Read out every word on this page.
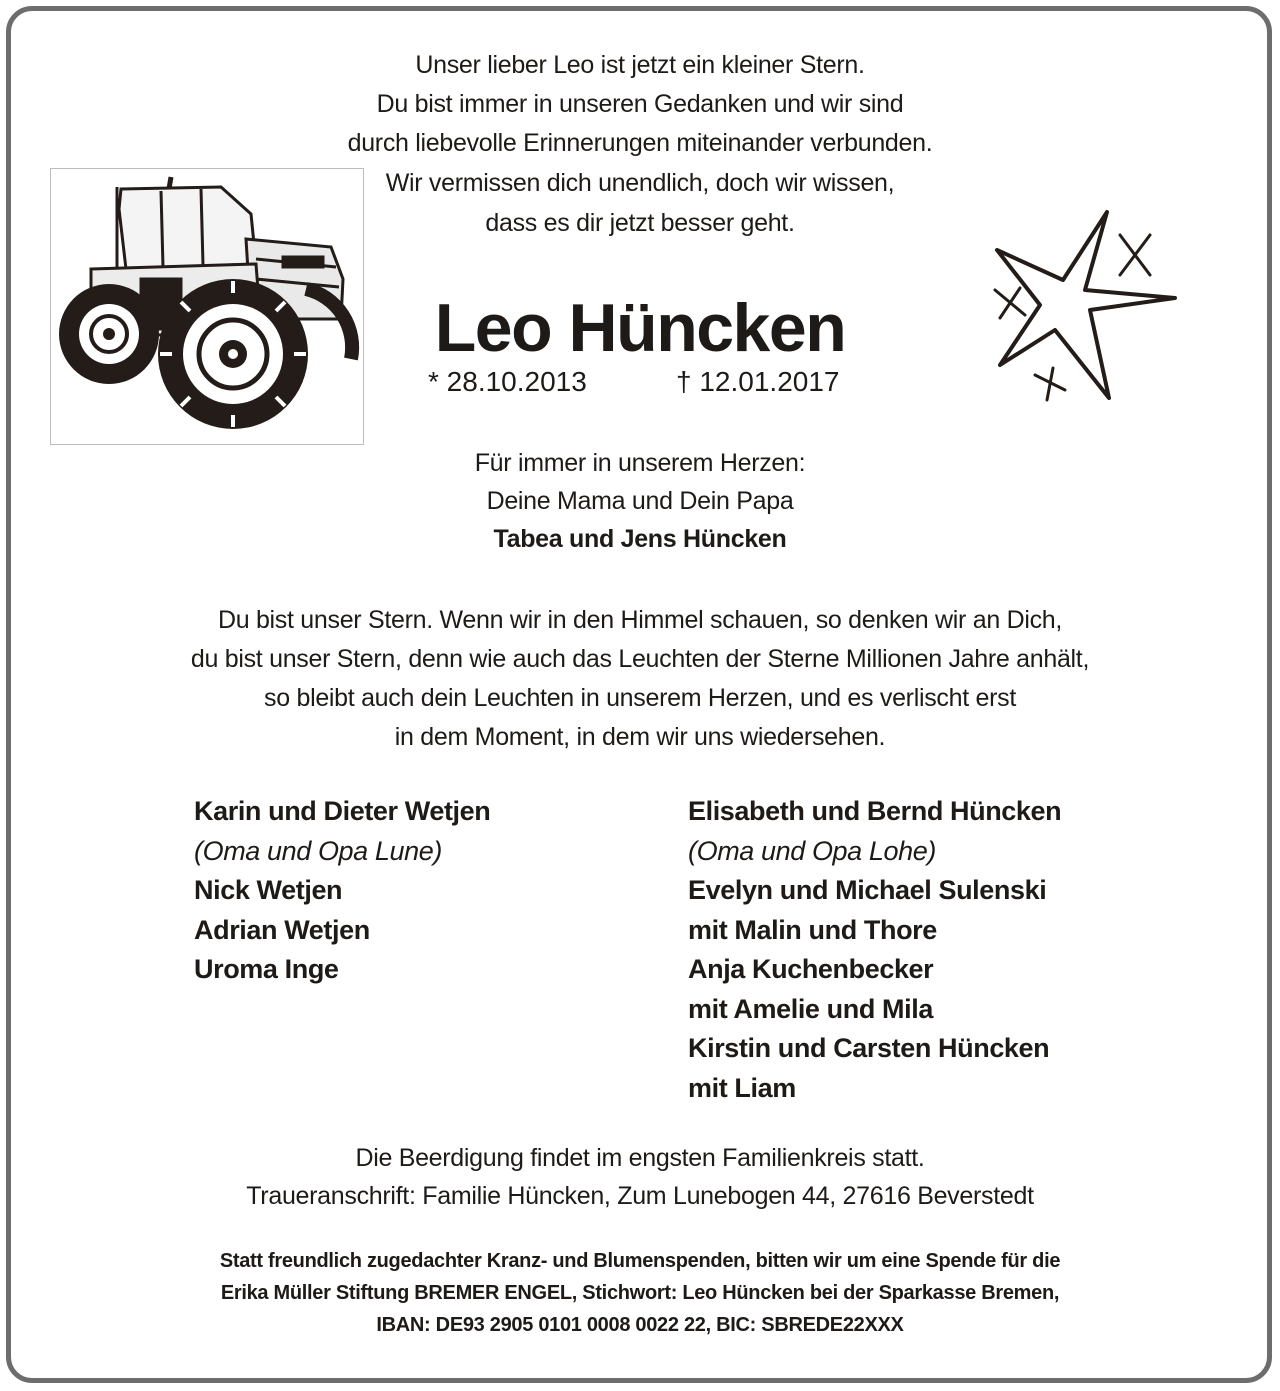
Unser lieber Leo ist jetzt ein kleiner Stern.
Du bist immer in unseren Gedanken und wir sind
durch liebevolle Erinnerungen miteinander verbunden.
Wir vermissen dich unendlich, doch wir wissen,
dass es dir jetzt besser geht.
Leo Hüncken
* 28.10.2013	† 12.01.2017
Für immer in unserem Herzen:
Deine Mama und Dein Papa
Tabea und Jens Hüncken
Du bist unser Stern. Wenn wir in den Himmel schauen, so denken wir an Dich,
du bist unser Stern, denn wie auch das Leuchten der Sterne Millionen Jahre anhält,
so bleibt auch dein Leuchten in unserem Herzen, und es verlischt erst
in dem Moment, in dem wir uns wiedersehen.
Karin und Dieter Wetjen
(Oma und Opa Lune)
Nick Wetjen
Adrian Wetjen
Uroma Inge
Elisabeth und Bernd Hüncken
(Oma und Opa Lohe)
Evelyn und Michael Sulenski
mit Malin und Thore
Anja Kuchenbecker
mit Amelie und Mila
Kirstin und Carsten Hüncken
mit Liam
Die Beerdigung findet im engsten Familienkreis statt.
Traueranschrift: Familie Hüncken, Zum Lunebogen 44, 27616 Beverstedt
Statt freundlich zugedachter Kranz- und Blumenspenden, bitten wir um eine Spende für die
Erika Müller Stiftung BREMER ENGEL, Stichwort: Leo Hüncken bei der Sparkasse Bremen,
IBAN: DE93 2905 0101 0008 0022 22, BIC: SBREDE22XXX
